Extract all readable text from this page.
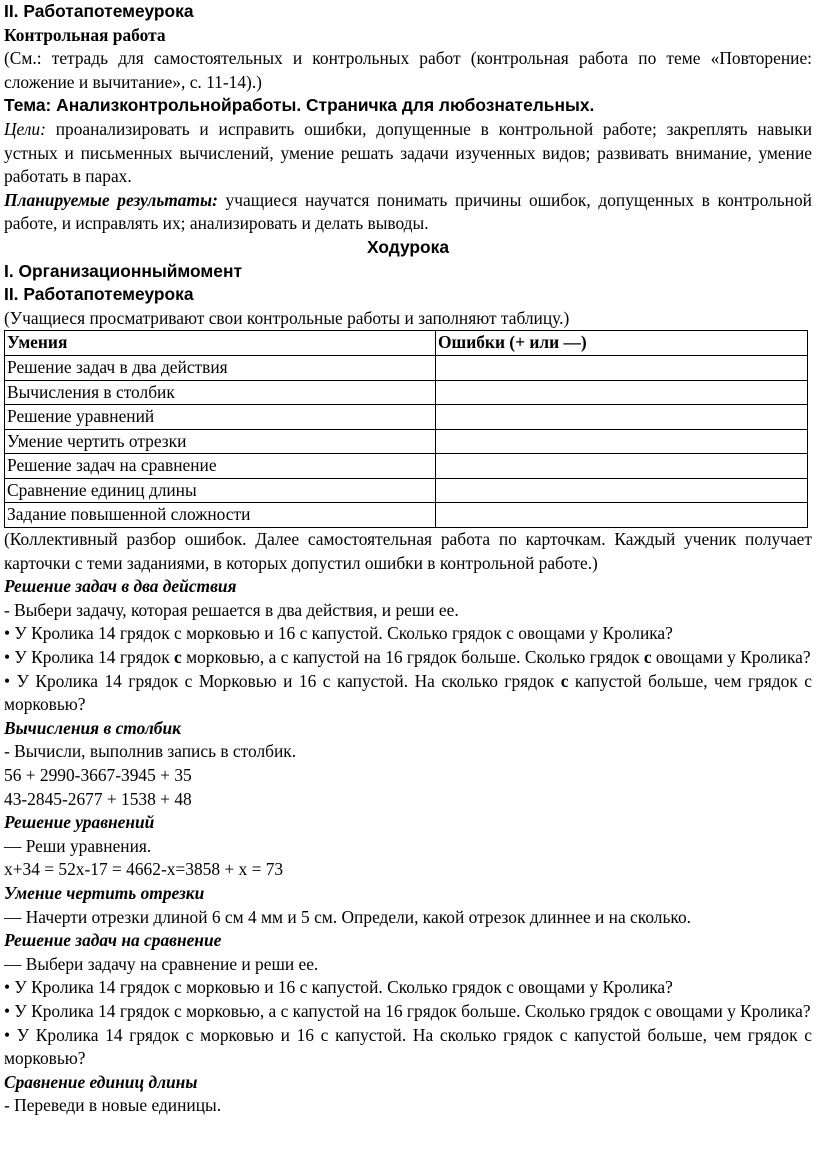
II. Работапотемеурока

Контрольная работа

(См.: тетрадь для самостоятельных и контрольных работ (контрольная работа по теме «Повторение: сложение и вычитание», с. 11-14).)

Тема: Анализконтрольнойработы. Страничка для любознательных.

Цели: проанализировать и исправить ошибки, допущенные в контрольной работе; закреплять навыки устных и письменных вычислений, умение решать задачи изученных видов; развивать внимание, умение работать в парах.

Планируемые результаты: учащиеся научатся понимать причины ошибок, допущенных в контрольной работе, и исправлять их; анализировать и делать выводы.

Ходурока

I. Организационныймомент

II. Работапотемеурока

(Учащиеся просматривают свои контрольные работы и заполняют таблицу.)

Умения	Ошибки (+ или —)
Решение задач в два действия	
Вычисления в столбик	
Решение уравнений	
Умение чертить отрезки	
Решение задач на сравнение	
Сравнение единиц длины	
Задание повышенной сложности	

(Коллективный разбор ошибок. Далее самостоятельная работа по карточкам. Каждый ученик получает карточки с теми заданиями, в которых допустил ошибки в контрольной работе.)

Решение задач в два действия

- Выбери задачу, которая решается в два действия, и реши ее.

• У Кролика 14 грядок с морковью и 16 с капустой. Сколько грядок с овощами у Кролика?

• У Кролика 14 грядок с морковью, а с капустой на 16 грядок больше. Сколько грядок с овощами у Кролика?

• У Кролика 14 грядок с Морковью и 16 с капустой. На сколько грядок с капустой больше, чем грядок с морковью?

Вычисления в столбик

- Вычисли, выполнив запись в столбик.

56 + 2990-3667-3945 + 35

43-2845-2677 + 1538 + 48

Решение уравнений

— Реши уравнения.

х+34 = 52х-17 = 4662-х=3858 + х = 73

Умение чертить отрезки

— Начерти отрезки длиной 6 см 4 мм и 5 см. Определи, какой отрезок длиннее и на сколько.

Решение задач на сравнение

— Выбери задачу на сравнение и реши ее.

• У Кролика 14 грядок с морковью и 16 с капустой. Сколько грядок с овощами у Кролика?

• У Кролика 14 грядок с морковью, а с капустой на 16 грядок больше. Сколько грядок с овощами у Кролика?

• У Кролика 14 грядок с морковью и 16 с капустой. На сколько грядок с капустой больше, чем грядок с морковью?

Сравнение единиц длины

- Переведи в новые единицы.
